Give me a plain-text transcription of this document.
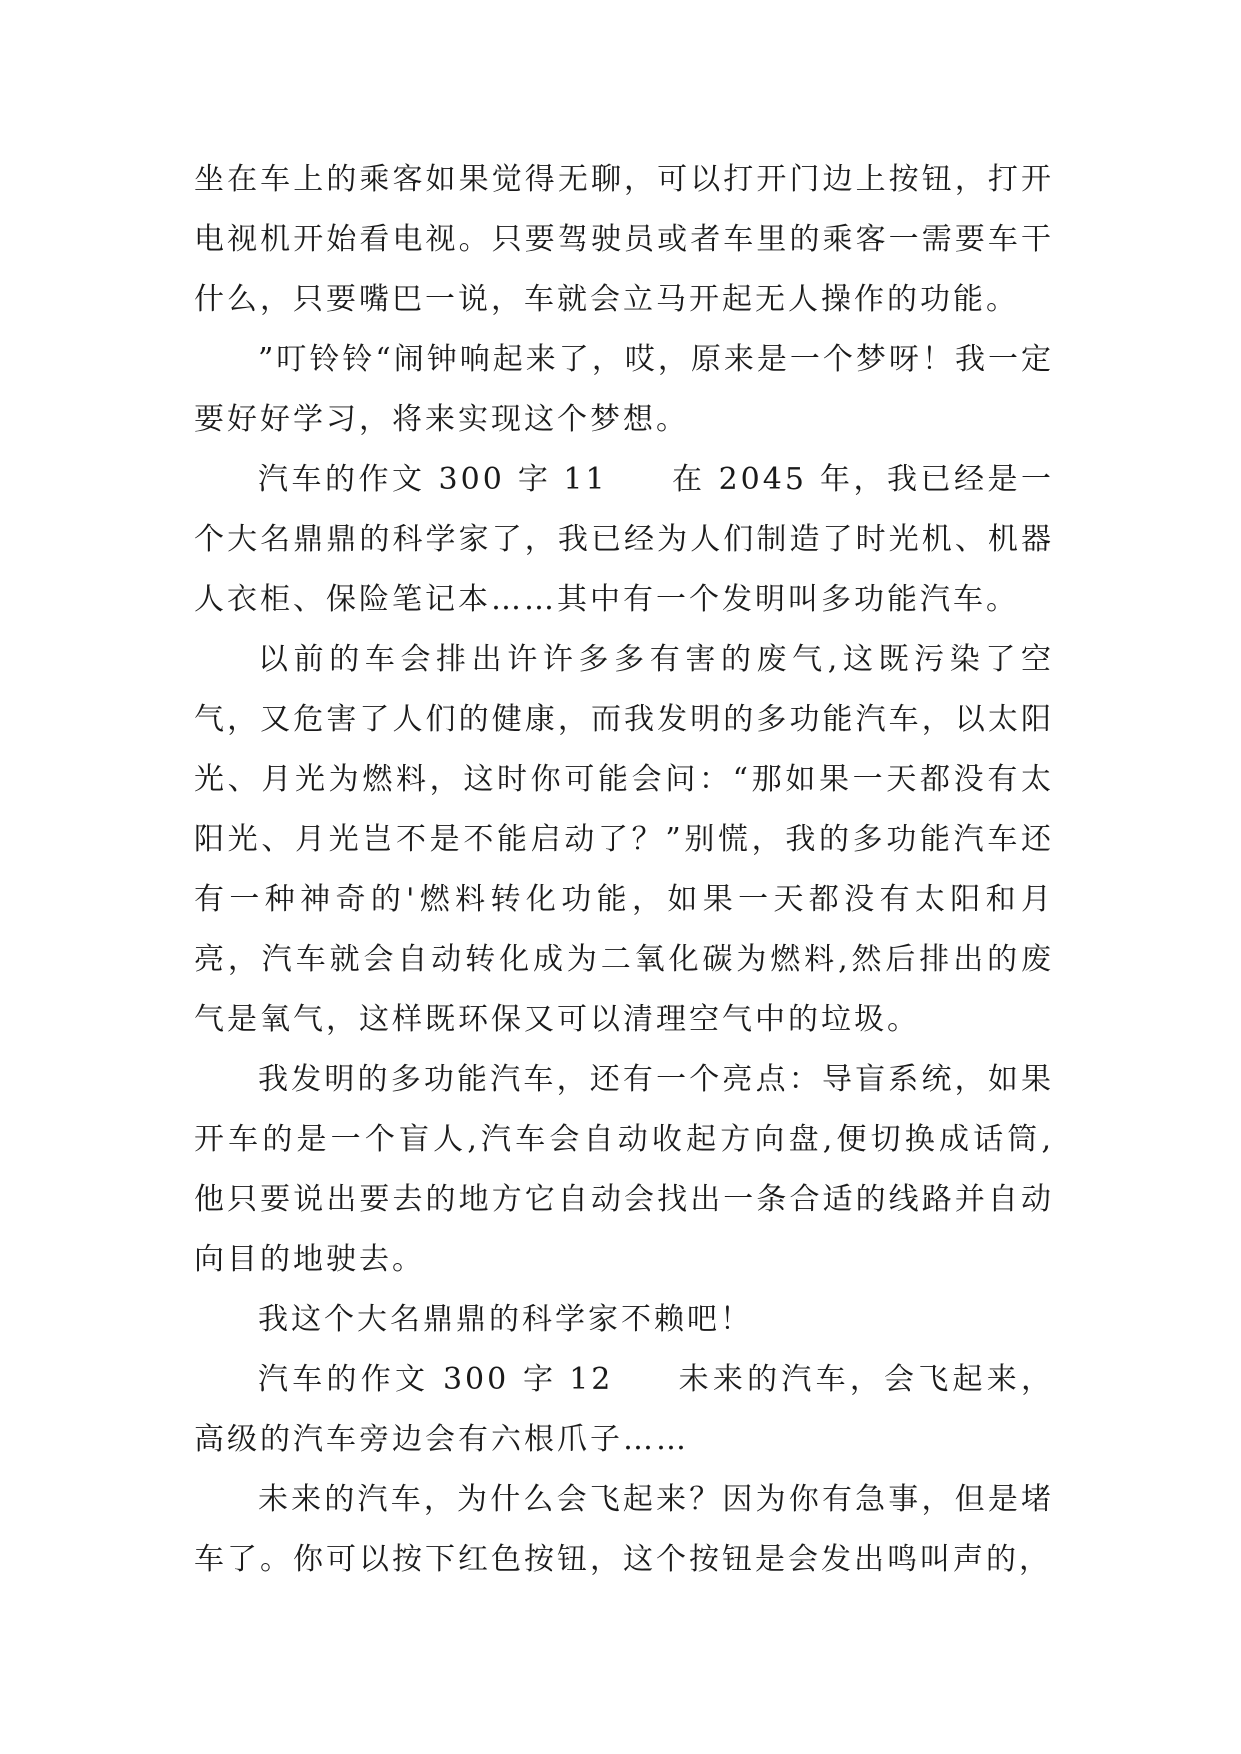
坐在车上的乘客如果觉得无聊，可以打开门边上按钮，打开电视机开始看电视。只要驾驶员或者车里的乘客一需要车干什么，只要嘴巴一说，车就会立马开起无人操作的功能。

”叮铃铃“闹钟响起来了，哎，原来是一个梦呀！我一定要好好学习，将来实现这个梦想。

汽车的作文 300 字 11 在 2045 年，我已经是一个大名鼎鼎的科学家了，我已经为人们制造了时光机、机器人衣柜、保险笔记本……其中有一个发明叫多功能汽车。

以前的车会排出许许多多有害的废气,这既污染了空气，又危害了人们的健康，而我发明的多功能汽车，以太阳光、月光为燃料，这时你可能会问：“那如果一天都没有太阳光、月光岂不是不能启动了？”别慌，我的多功能汽车还有一种神奇的'燃料转化功能，如果一天都没有太阳和月亮，汽车就会自动转化成为二氧化碳为燃料,然后排出的废气是氧气，这样既环保又可以清理空气中的垃圾。

我发明的多功能汽车，还有一个亮点：导盲系统，如果开车的是一个盲人,汽车会自动收起方向盘,便切换成话筒,他只要说出要去的地方它自动会找出一条合适的线路并自动向目的地驶去。

我这个大名鼎鼎的科学家不赖吧！

汽车的作文 300 字 12 未来的汽车，会飞起来，高级的汽车旁边会有六根爪子……

未来的汽车，为什么会飞起来？因为你有急事，但是堵车了。你可以按下红色按钮，这个按钮是会发出鸣叫声的，
